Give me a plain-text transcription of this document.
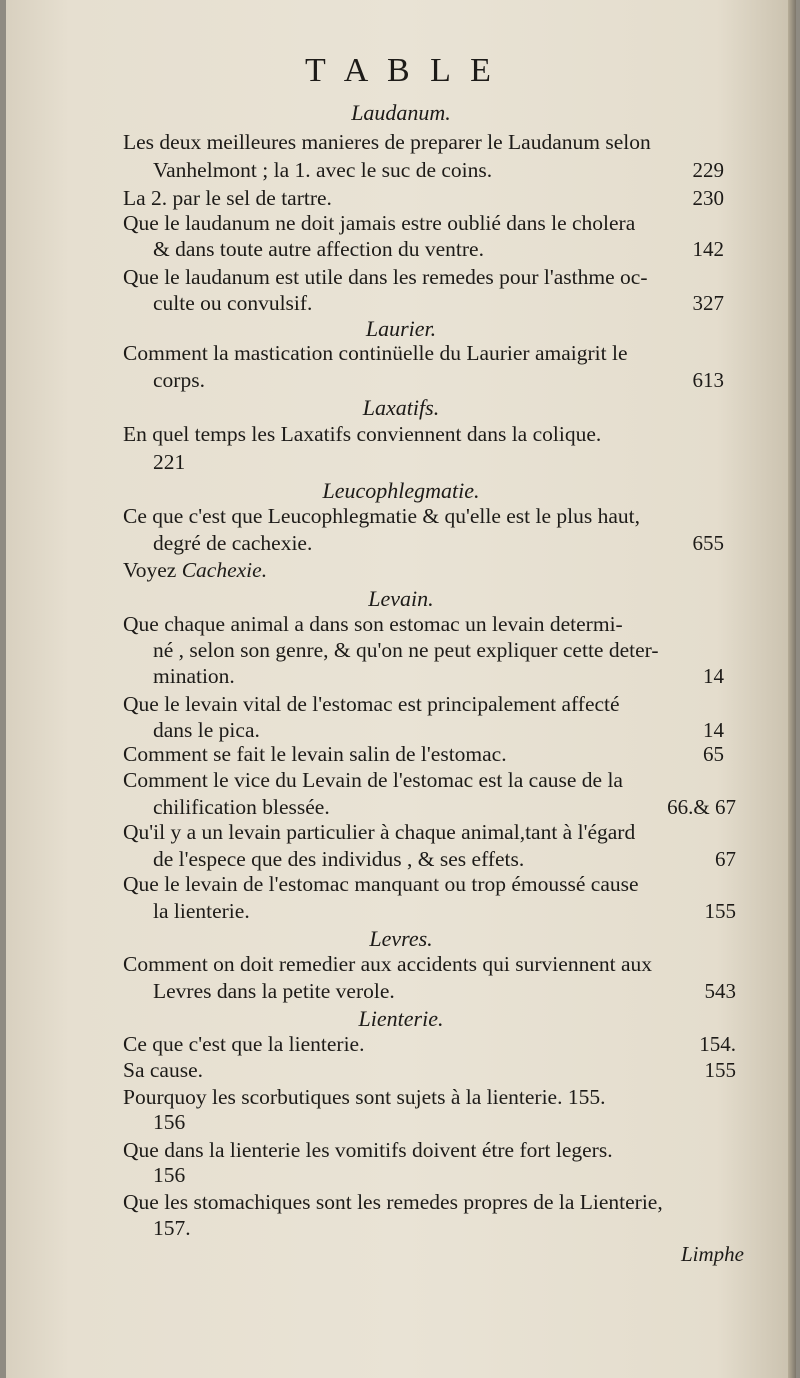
T A B L E
Laudanum.
Les deux meilleures manieres de preparer le Laudanum selon
Vanhelmont ; la 1. avec le suc de coins.	229
La 2. par le sel de tartre.	230
Que le laudanum ne doit jamais estre oublié dans le cholera
& dans toute autre affection du ventre.	142
Que le laudanum est utile dans les remedes pour l'asthme oc-
culte ou convulsif.	327
Laurier.
Comment la mastication continüelle du Laurier amaigrit le
corps.	613
Laxatifs.
En quel temps les Laxatifs conviennent dans la colique.
221
Leucophlegmatie.
Ce que c'est que Leucophlegmatie & qu'elle est le plus haut,
degré de cachexie.	655
Voyez Cachexie.
Levain.
Que chaque animal a dans son estomac un levain determi-
né , selon son genre, & qu'on ne peut expliquer cette deter-
mination.	14
Que le levain vital de l'estomac est principalement affecté
dans le pica.	14
Comment se fait le levain salin de l'estomac.	65
Comment le vice du Levain de l'estomac est la cause de la
chilification blessée.	66.& 67
Qu'il y a un levain particulier à chaque animal,tant à l'égard
de l'espece que des individus , & ses effets.	67
Que le levain de l'estomac manquant ou trop émoussé cause
la lienterie.	155
Levres.
Comment on doit remedier aux accidents qui surviennent aux
Levres dans la petite verole.	543
Lienterie.
Ce que c'est que la lienterie.	154.
Sa cause.	155
Pourquoy les scorbutiques sont sujets à la lienterie. 155.
156
Que dans la lienterie les vomitifs doivent étre fort legers.
156
Que les stomachiques sont les remedes propres de la Lienterie,
157.
Limphe
